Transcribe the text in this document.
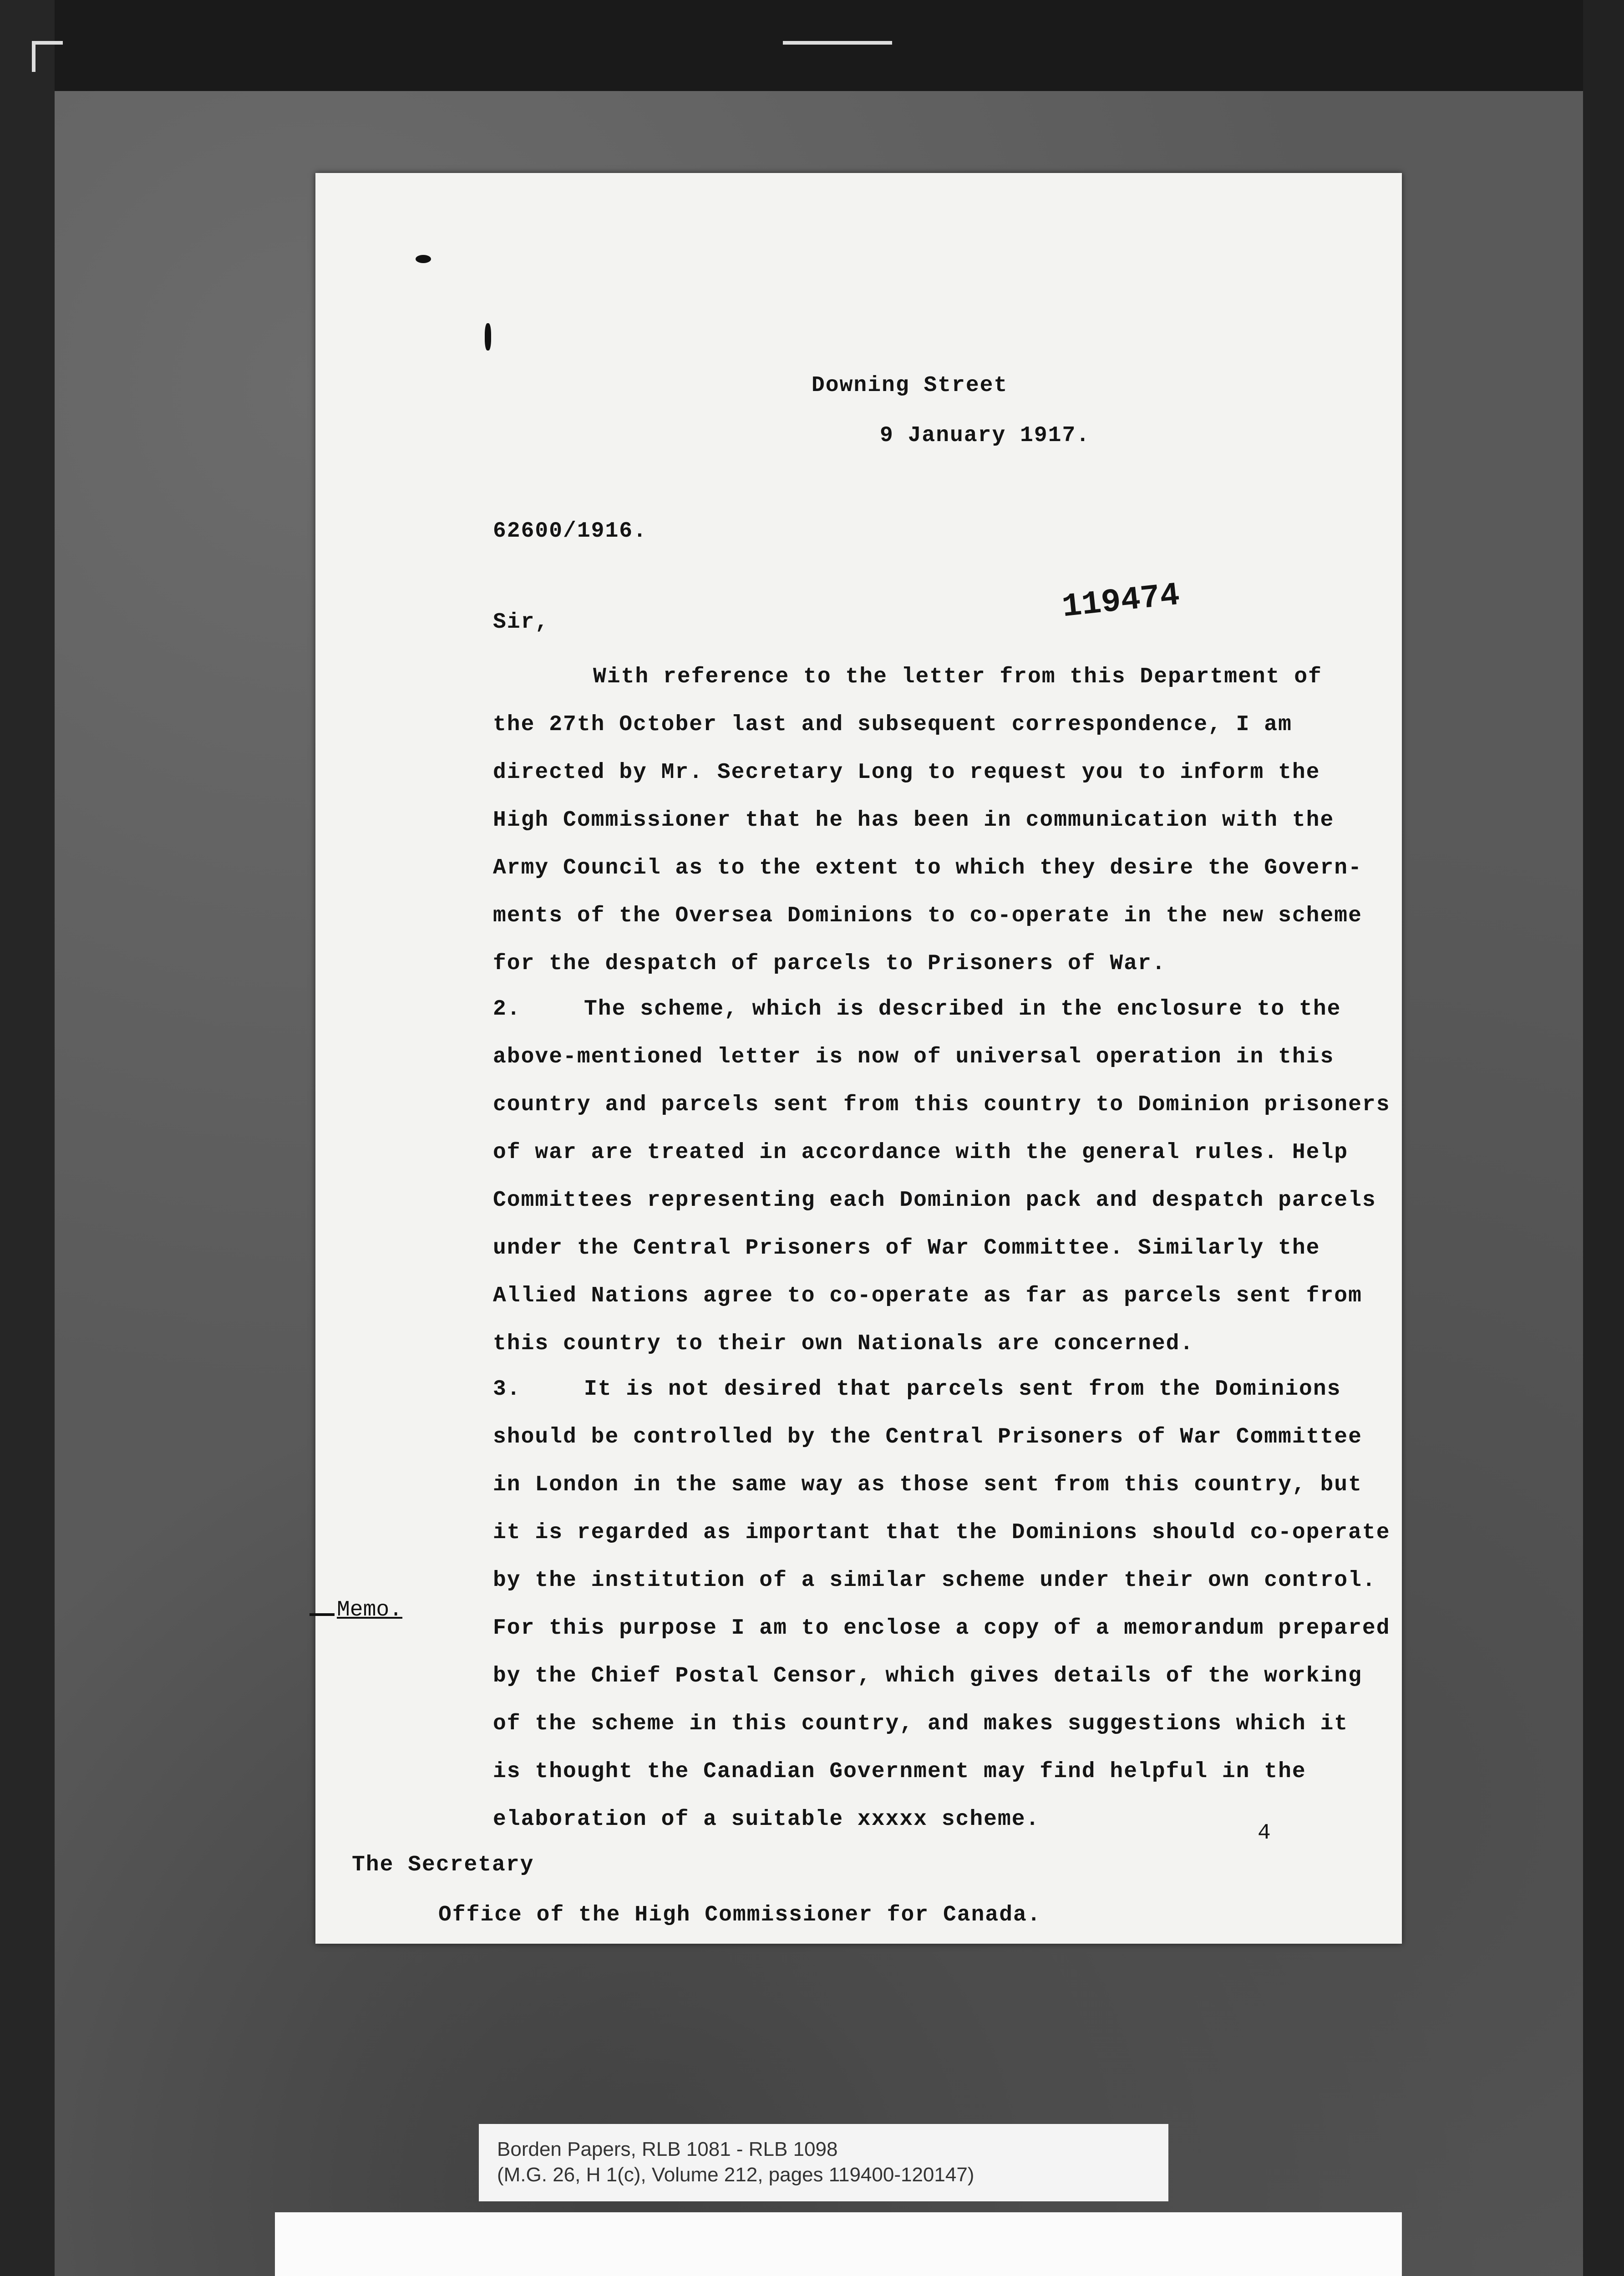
Downing Street
9 January 1917.
62600/1916.
Sir,	119474
With reference to the letter from this Department of
the 27th October last and subsequent correspondence, I am
directed by Mr. Secretary Long to request you to inform the
High Commissioner that he has been in communication with the
Army Council as to the extent to which they desire the Govern-
ments of the Oversea Dominions to co-operate in the new scheme
for the despatch of parcels to Prisoners of War.
2.	The scheme, which is described in the enclosure to the
above-mentioned letter is now of universal operation in this
country and parcels sent from this country to Dominion prisoners
of war are treated in accordance with the general rules. Help
Committees representing each Dominion pack and despatch parcels
under the Central Prisoners of War Committee. Similarly the
Allied Nations agree to co-operate as far as parcels sent from
this country to their own Nationals are concerned.
3.	It is not desired that parcels sent from the Dominions
should be controlled by the Central Prisoners of War Committee
in London in the same way as those sent from this country, but
it is regarded as important that the Dominions should co-operate
by the institution of a similar scheme under their own control.
For this purpose I am to enclose a copy of a memorandum prepared
by the Chief Postal Censor, which gives details of the working
of the scheme in this country, and makes suggestions which it
is thought the Canadian Government may find helpful in the
elaboration of a suitable xxxxx scheme.
4
The Secretary
Office of the High Commissioner for Canada.
Memo.
Borden Papers, RLB 1081 - RLB 1098
(M.G. 26, H 1(c), Volume 212, pages 119400-120147)
